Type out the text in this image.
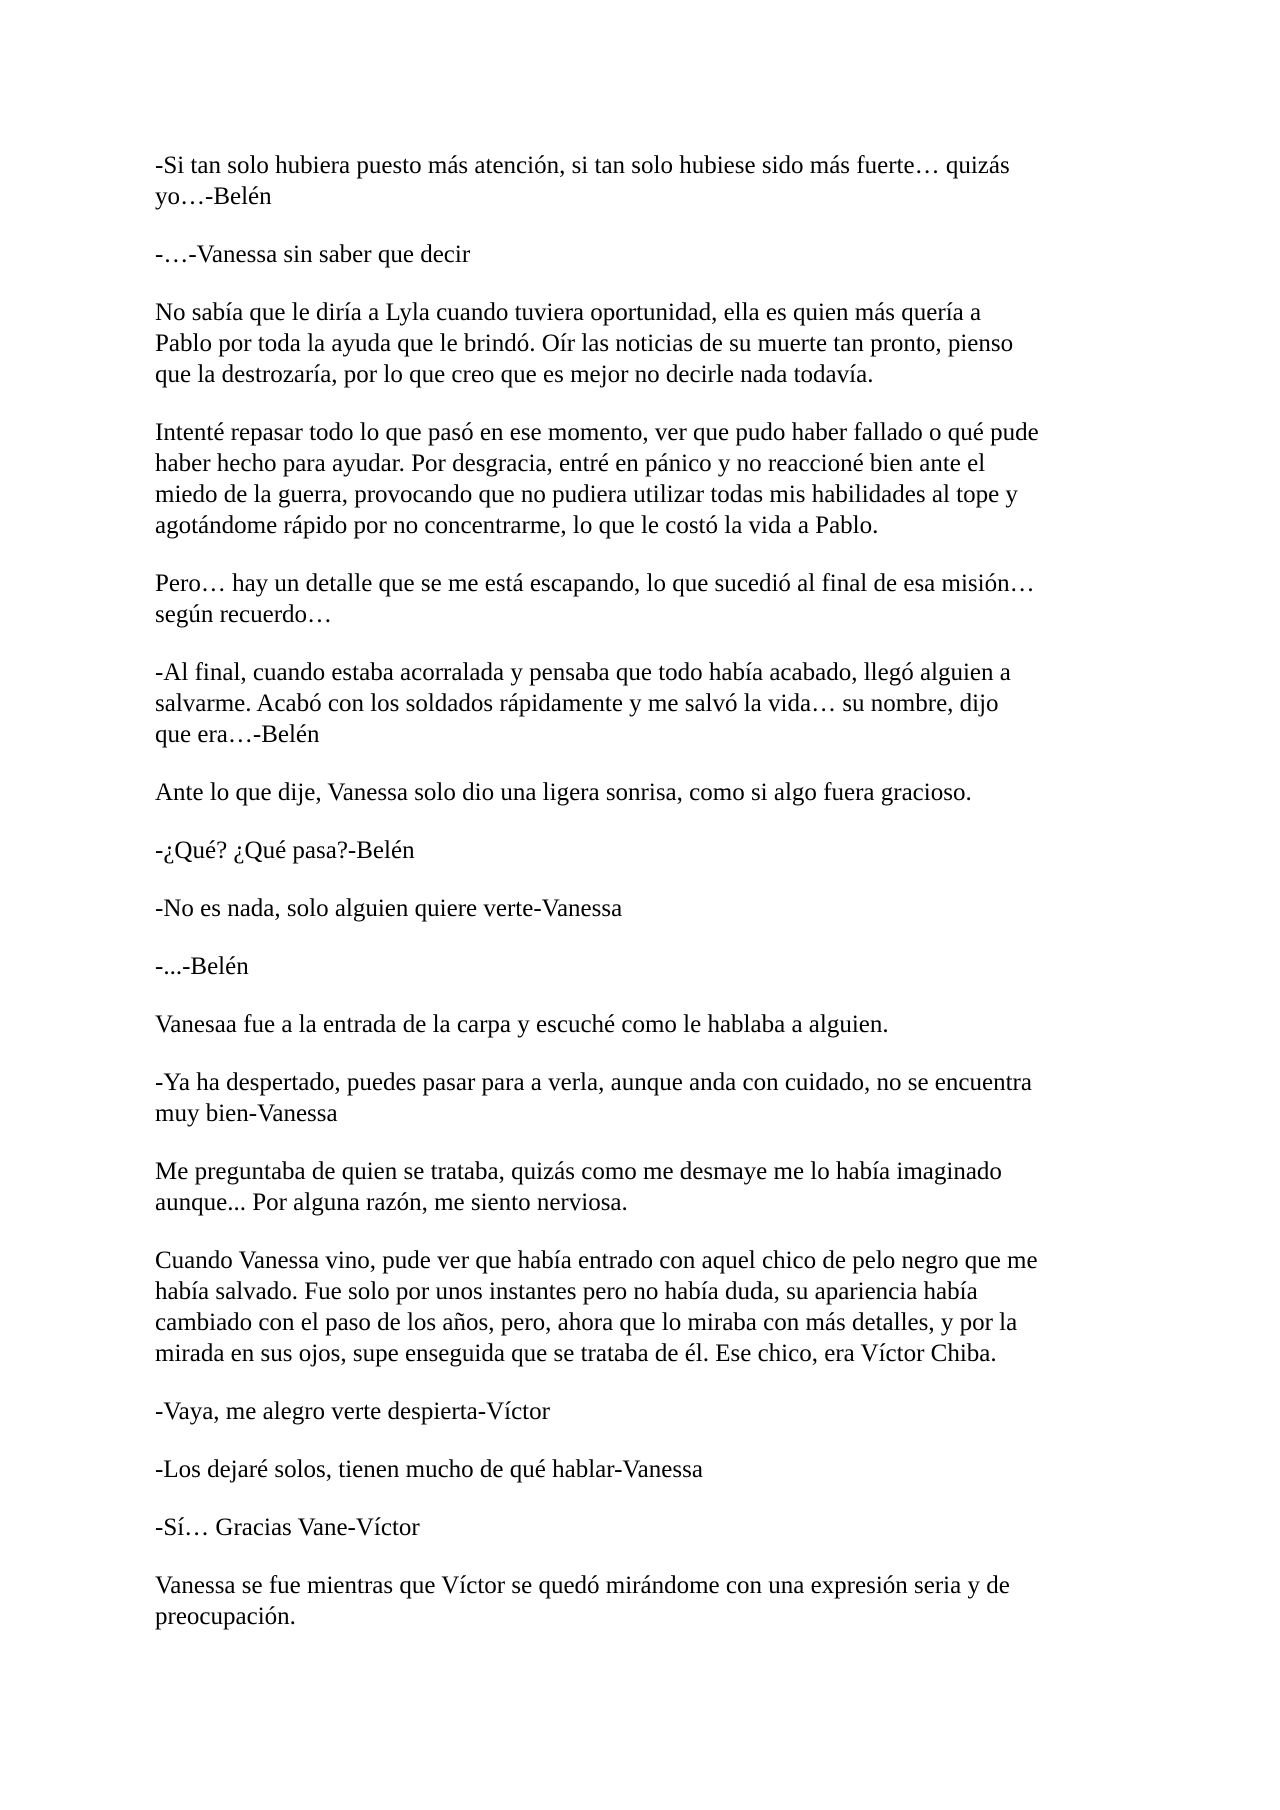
-Si tan solo hubiera puesto más atención, si tan solo hubiese sido más fuerte… quizás
yo…-Belén

-…-Vanessa sin saber que decir

No sabía que le diría a Lyla cuando tuviera oportunidad, ella es quien más quería a
Pablo por toda la ayuda que le brindó. Oír las noticias de su muerte tan pronto, pienso
que la destrozaría, por lo que creo que es mejor no decirle nada todavía.

Intenté repasar todo lo que pasó en ese momento, ver que pudo haber fallado o qué pude
haber hecho para ayudar. Por desgracia, entré en pánico y no reaccioné bien ante el
miedo de la guerra, provocando que no pudiera utilizar todas mis habilidades al tope y
agotándome rápido por no concentrarme, lo que le costó la vida a Pablo.

Pero… hay un detalle que se me está escapando, lo que sucedió al final de esa misión…
según recuerdo…

-Al final, cuando estaba acorralada y pensaba que todo había acabado, llegó alguien a
salvarme. Acabó con los soldados rápidamente y me salvó la vida… su nombre, dijo
que era…-Belén

Ante lo que dije, Vanessa solo dio una ligera sonrisa, como si algo fuera gracioso.

-¿Qué? ¿Qué pasa?-Belén

-No es nada, solo alguien quiere verte-Vanessa

-...-Belén

Vanesaa fue a la entrada de la carpa y escuché como le hablaba a alguien.

-Ya ha despertado, puedes pasar para a verla, aunque anda con cuidado, no se encuentra
muy bien-Vanessa

Me preguntaba de quien se trataba, quizás como me desmaye me lo había imaginado
aunque... Por alguna razón, me siento nerviosa.

Cuando Vanessa vino, pude ver que había entrado con aquel chico de pelo negro que me
había salvado. Fue solo por unos instantes pero no había duda, su apariencia había
cambiado con el paso de los años, pero, ahora que lo miraba con más detalles, y por la
mirada en sus ojos, supe enseguida que se trataba de él. Ese chico, era Víctor Chiba.

-Vaya, me alegro verte despierta-Víctor

-Los dejaré solos, tienen mucho de qué hablar-Vanessa

-Sí… Gracias Vane-Víctor

Vanessa se fue mientras que Víctor se quedó mirándome con una expresión seria y de
preocupación.
